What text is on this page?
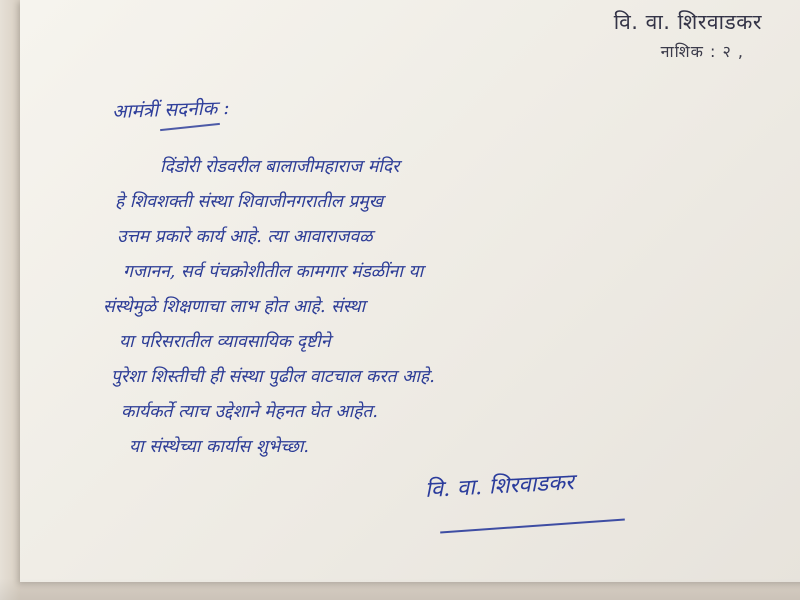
वि. वा. शिरवाडकर
नाशिक : २ ,
आमंत्रीं सदनीक :
दिंडोरी रोडवरील बालाजीमहाराज मंदिर
हे शिवशक्ती संस्था शिवाजीनगरातील प्रमुख
उत्तम प्रकारे कार्य आहे. त्या आवाराजवळ
गजानन, सर्व पंचक्रोशीतील कामगार मंडळींना या
संस्थेमुळे शिक्षणाचा लाभ होत आहे. संस्था
या परिसरातील व्यावसायिक दृष्टीने
पुरेशा शिस्तीची ही संस्था पुढील वाटचाल करत आहे.
कार्यकर्ते त्याच उद्देशाने मेहनत घेत आहेत.
या संस्थेच्या कार्यास शुभेच्छा.
वि. वा. शिरवाडकर
